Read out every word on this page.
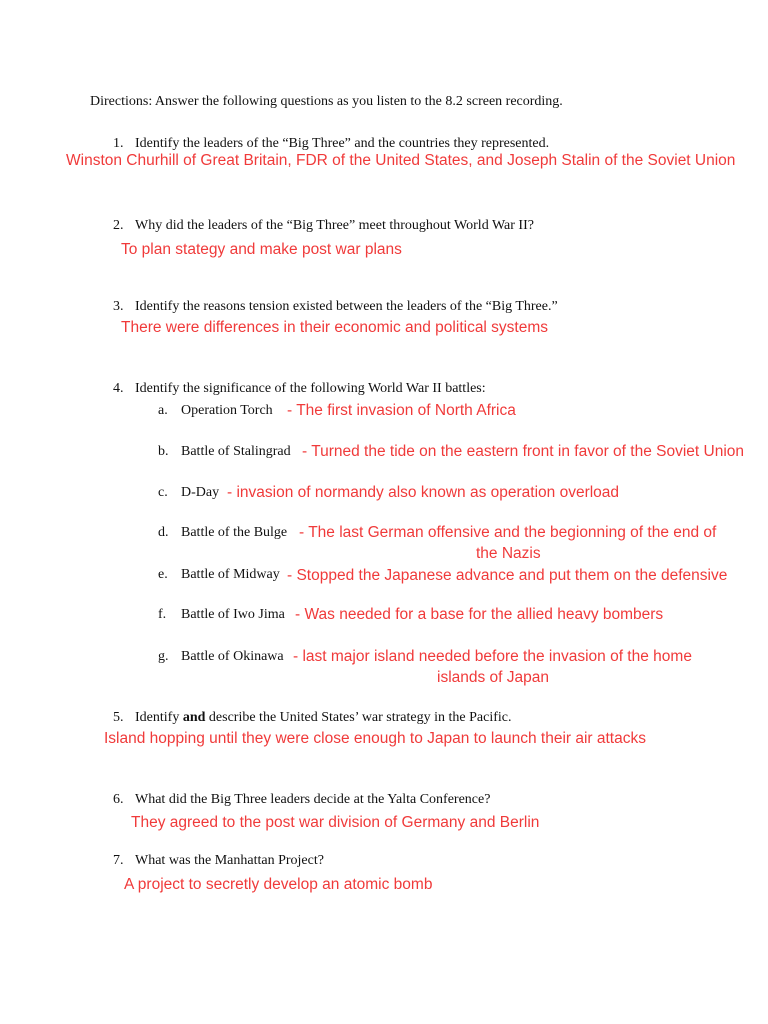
Directions: Answer the following questions as you listen to the 8.2 screen recording.
1. Identify the leaders of the “Big Three” and the countries they represented.
Winston Churhill of Great Britain, FDR of the United States, and Joseph Stalin of the Soviet Union
2. Why did the leaders of the “Big Three” meet throughout World War II?
To plan stategy and make post war plans
3. Identify the reasons tension existed between the leaders of the “Big Three.”
There were differences in their economic and political systems
4. Identify the significance of the following World War II battles:
a. Operation Torch - The first invasion of North Africa
b. Battle of Stalingrad - Turned the tide on the eastern front in favor of the Soviet Union
c. D-Day - invasion of normandy also known as operation overload
d. Battle of the Bulge - The last German offensive and the begionning of the end of
the Nazis
e. Battle of Midway - Stopped the Japanese advance and put them on the defensive
f. Battle of Iwo Jima - Was needed for a base for the allied heavy bombers
g. Battle of Okinawa - last major island needed before the invasion of the home
islands of Japan
5. Identify and describe the United States’ war strategy in the Pacific.
Island hopping until they were close enough to Japan to launch their air attacks
6. What did the Big Three leaders decide at the Yalta Conference?
They agreed to the post war division of Germany and Berlin
7. What was the Manhattan Project?
A project to secretly develop an atomic bomb
